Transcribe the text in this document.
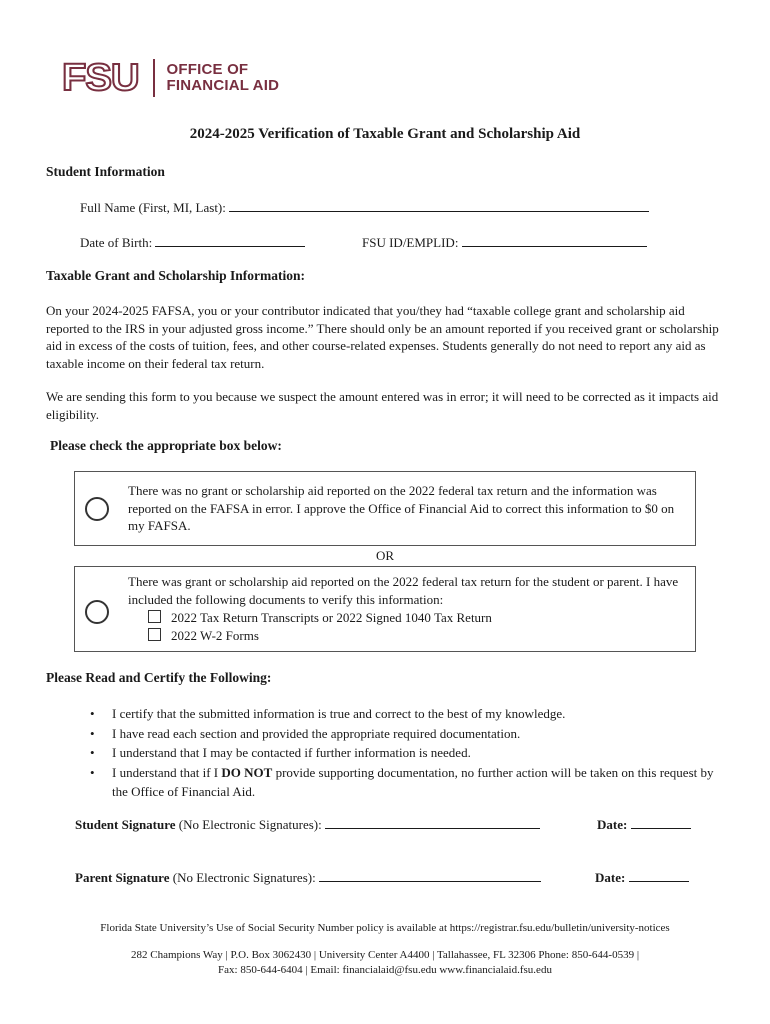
FSU OFFICE OF
FINANCIAL AID
2024-2025 Verification of Taxable Grant and Scholarship Aid
Student Information
Full Name (First, MI, Last):
Date of Birth:	FSU ID/EMPLID:
Taxable Grant and Scholarship Information:
On your 2024-2025 FAFSA, you or your contributor indicated that you/they had “taxable college grant and scholarship aid reported to the IRS in your adjusted gross income.” There should only be an amount reported if you received grant or scholarship aid in excess of the costs of tuition, fees, and other course-related expenses. Students generally do not need to report any aid as taxable income on their federal tax return.
We are sending this form to you because we suspect the amount entered was in error; it will need to be corrected as it impacts aid eligibility.
Please check the appropriate box below:
There was no grant or scholarship aid reported on the 2022 federal tax return and the information was reported on the FAFSA in error. I approve the Office of Financial Aid to correct this information to $0 on my FAFSA.
OR
There was grant or scholarship aid reported on the 2022 federal tax return for the student or parent. I have included the following documents to verify this information:
2022 Tax Return Transcripts or 2022 Signed 1040 Tax Return
2022 W-2 Forms
Please Read and Certify the Following:
• I certify that the submitted information is true and correct to the best of my knowledge.
• I have read each section and provided the appropriate required documentation.
• I understand that I may be contacted if further information is needed.
• I understand that if I DO NOT provide supporting documentation, no further action will be taken on this request by the Office of Financial Aid.
Student Signature (No Electronic Signatures):	Date:
Parent Signature (No Electronic Signatures):	Date:
Florida State University’s Use of Social Security Number policy is available at https://registrar.fsu.edu/bulletin/university-notices
282 Champions Way | P.O. Box 3062430 | University Center A4400 | Tallahassee, FL 32306 Phone: 850-644-0539 |
Fax: 850-644-6404 | Email: financialaid@fsu.edu www.financialaid.fsu.edu
